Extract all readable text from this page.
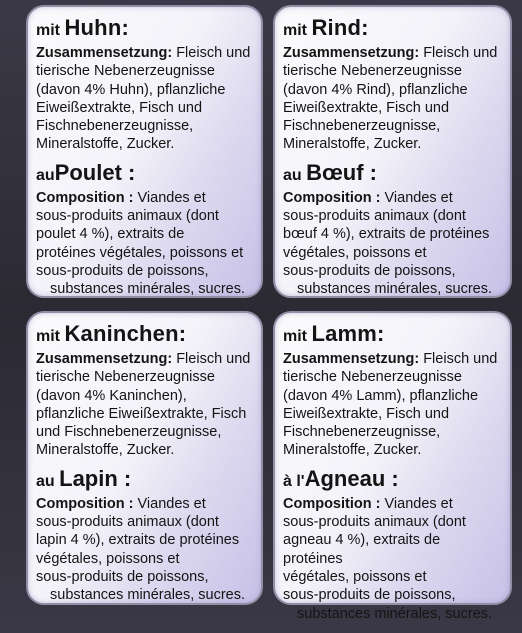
mit Huhn:

Zusammensetzung: Fleisch und
tierische Nebenerzeugnisse
(davon 4% Huhn), pflanzliche
Eiweißextrakte, Fisch und
Fischnebenerzeugnisse,
Mineralstoffe, Zucker.

auPoulet :

Composition : Viandes et
sous-produits animaux (dont
poulet 4 %), extraits de
protéines végétales, poissons et
sous-produits de poissons,
substances minérales, sucres.

mit Rind:

Zusammensetzung: Fleisch und
tierische Nebenerzeugnisse
(davon 4% Rind), pflanzliche
Eiweißextrakte, Fisch und
Fischnebenerzeugnisse,
Mineralstoffe, Zucker.

au Bœuf :

Composition : Viandes et
sous-produits animaux (dont
bœuf 4 %), extraits de protéines
végétales, poissons et
sous-produits de poissons,
substances minérales, sucres.

mit Kaninchen:

Zusammensetzung: Fleisch und
tierische Nebenerzeugnisse
(davon 4% Kaninchen),
pflanzliche Eiweißextrakte, Fisch
und Fischnebenerzeugnisse,
Mineralstoffe, Zucker.

au Lapin :

Composition : Viandes et
sous-produits animaux (dont
lapin 4 %), extraits de protéines
végétales, poissons et
sous-produits de poissons,
substances minérales, sucres.

mit Lamm:

Zusammensetzung: Fleisch und
tierische Nebenerzeugnisse
(davon 4% Lamm), pflanzliche
Eiweißextrakte, Fisch und
Fischnebenerzeugnisse,
Mineralstoffe, Zucker.

à l'Agneau :

Composition : Viandes et
sous-produits animaux (dont
agneau 4 %), extraits de protéines
végétales, poissons et
sous-produits de poissons,
substances minérales, sucres.
